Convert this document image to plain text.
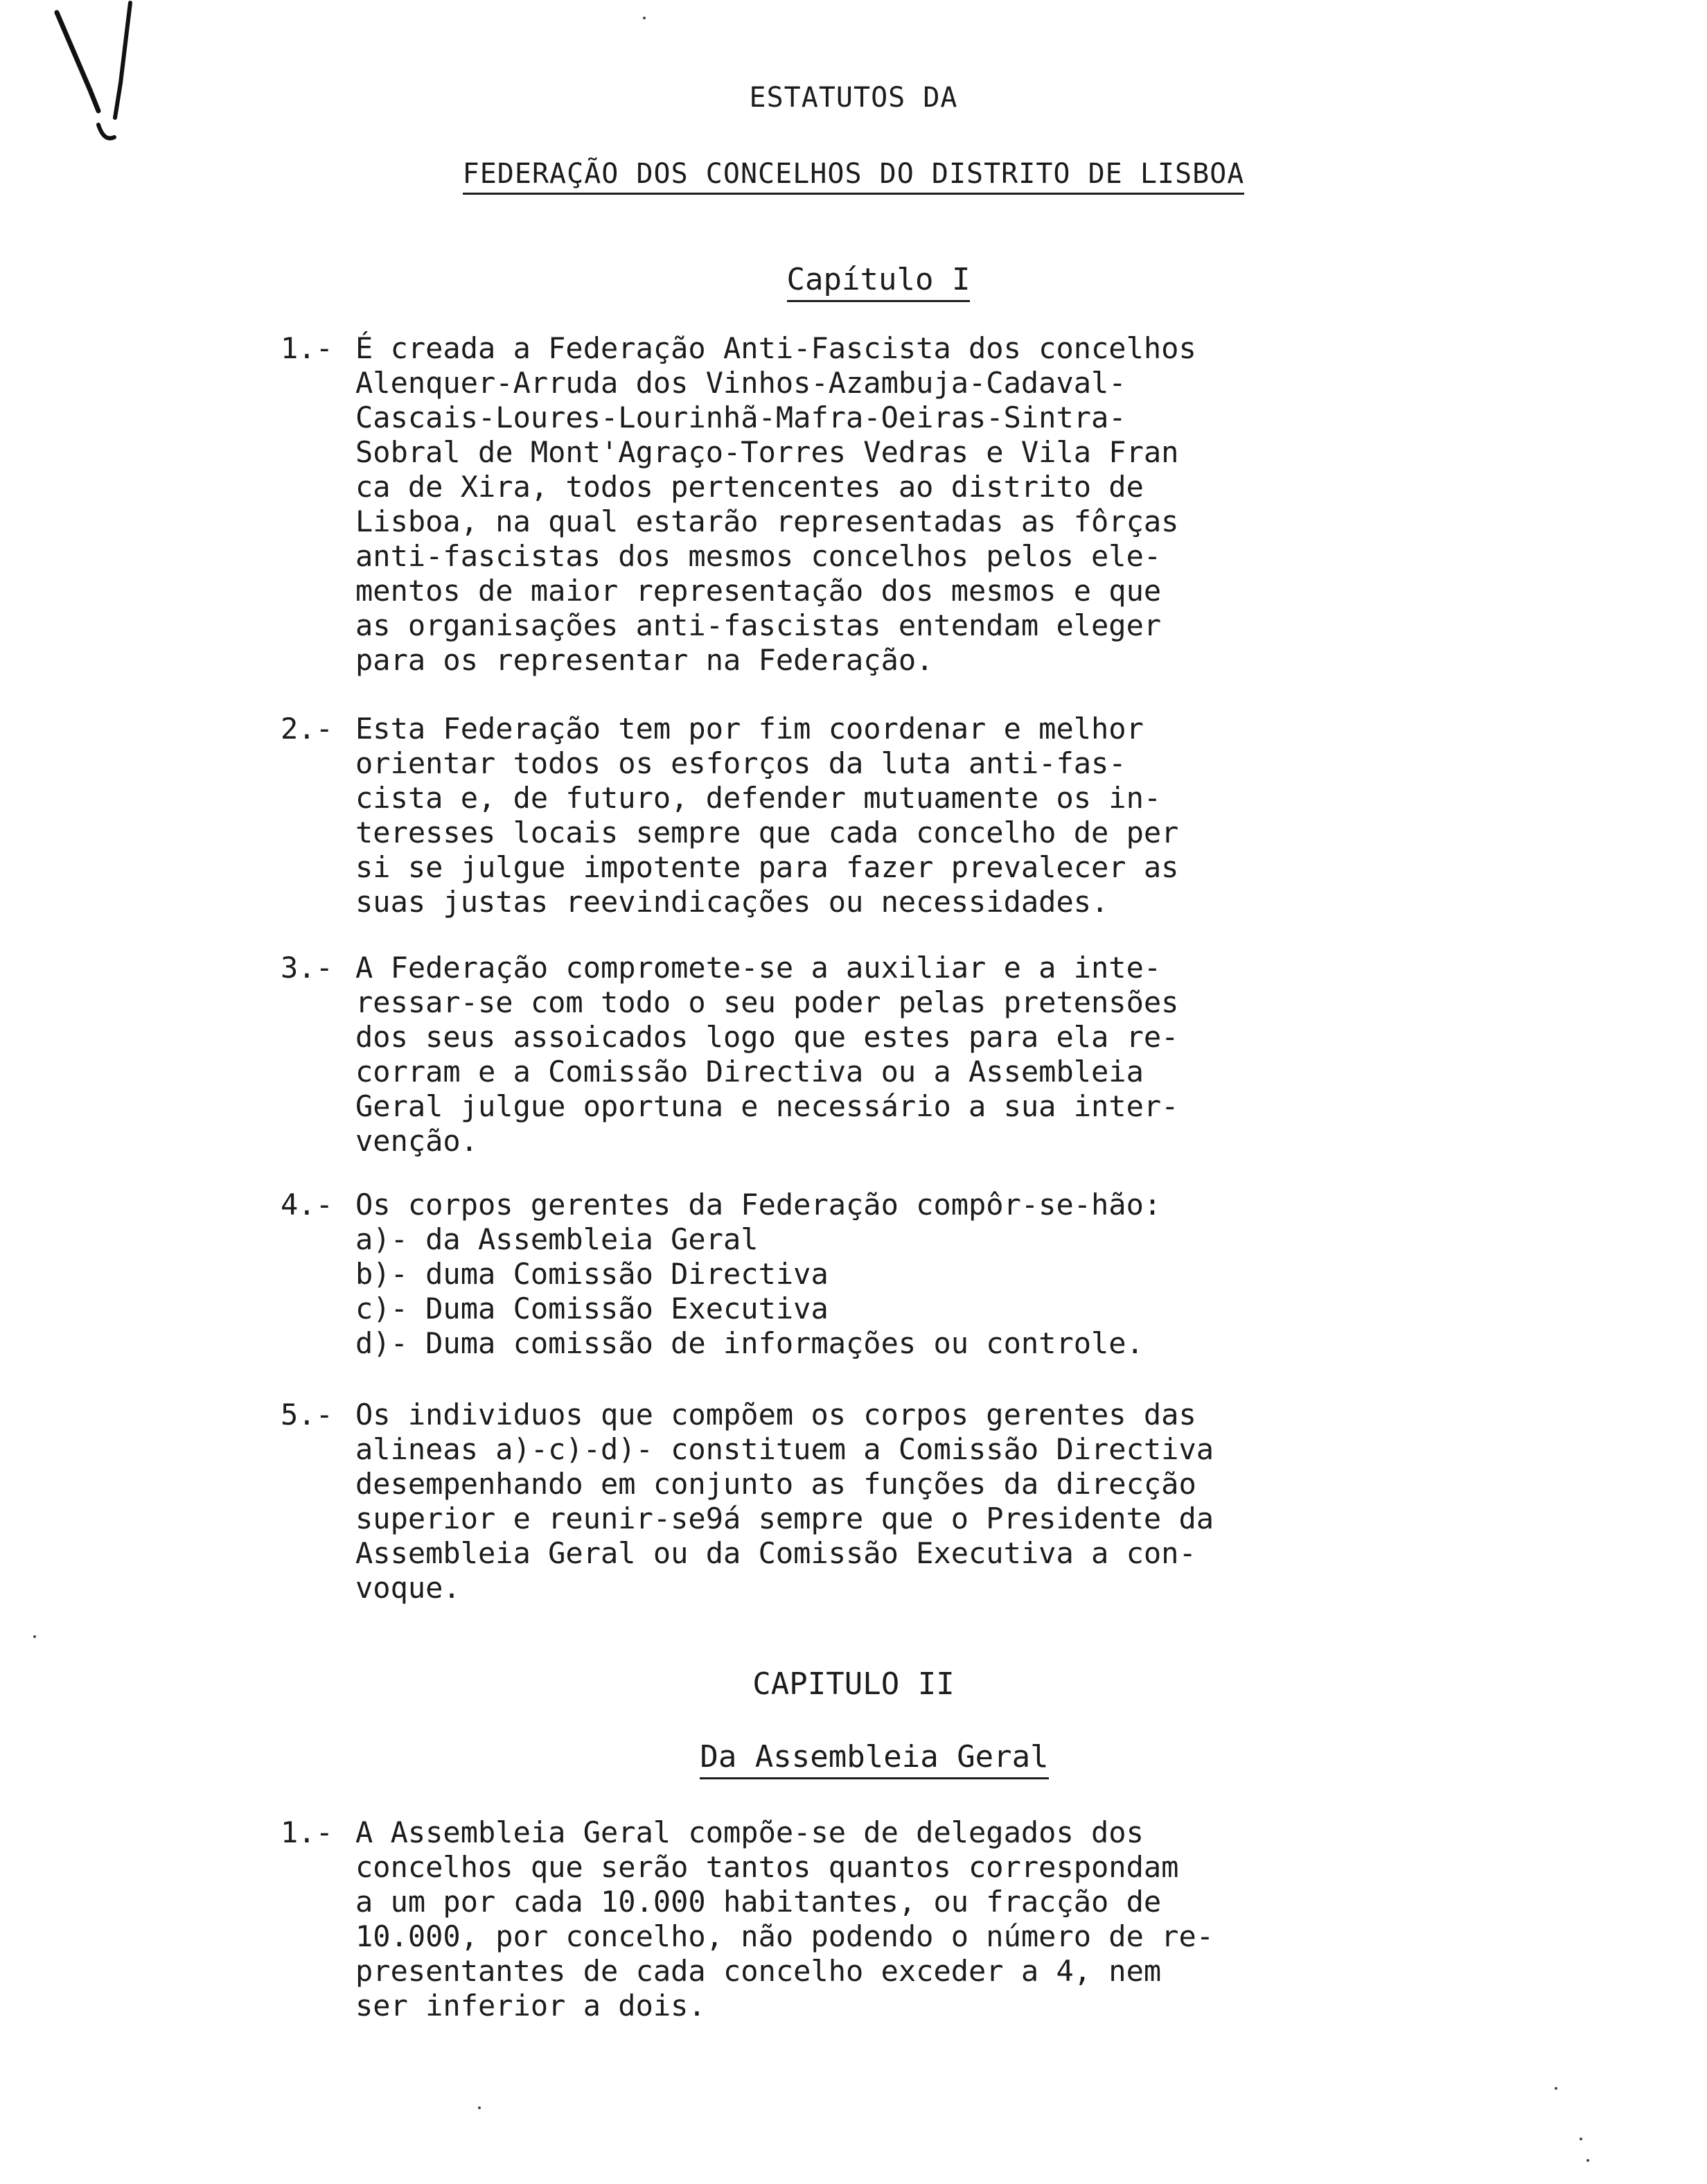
ESTATUTOS DA
FEDERAÇÃO DOS CONCELHOS DO DISTRITO DE LISBOA
Capítulo I
1.- É creada a Federação Anti-Fascista dos concelhos
Alenquer-Arruda dos Vinhos-Azambuja-Cadaval-
Cascais-Loures-Lourinhã-Mafra-Oeiras-Sintra-
Sobral de Mont'Agraço-Torres Vedras e Vila Fran
ca de Xira, todos pertencentes ao distrito de
Lisboa, na qual estarão representadas as fôrças
anti-fascistas dos mesmos concelhos pelos ele-
mentos de maior representação dos mesmos e que
as organisações anti-fascistas entendam eleger
para os representar na Federação.
2.- Esta Federação tem por fim coordenar e melhor
orientar todos os esforços da luta anti-fas-
cista e, de futuro, defender mutuamente os in-
teresses locais sempre que cada concelho de per
si se julgue impotente para fazer prevalecer as
suas justas reevindicações ou necessidades.
3.- A Federação compromete-se a auxiliar e a inte-
ressar-se com todo o seu poder pelas pretensões
dos seus assoicados logo que estes para ela re-
corram e a Comissão Directiva ou a Assembleia
Geral julgue oportuna e necessário a sua inter-
venção.
4.- Os corpos gerentes da Federação compôr-se-hão:
a)- da Assembleia Geral
b)- duma Comissão Directiva
c)- Duma Comissão Executiva
d)- Duma comissão de informações ou controle.
5.- Os individuos que compõem os corpos gerentes das
alineas a)-c)-d)- constituem a Comissão Directiva
desempenhando em conjunto as funções da direcção
superior e reunir-se9á sempre que o Presidente da
Assembleia Geral ou da Comissão Executiva a con-
voque.
CAPITULO II
Da Assembleia Geral
1.- A Assembleia Geral compõe-se de delegados dos
concelhos que serão tantos quantos correspondam
a um por cada 10.000 habitantes, ou fracção de
10.000, por concelho, não podendo o número de re-
presentantes de cada concelho exceder a 4, nem
ser inferior a dois.
